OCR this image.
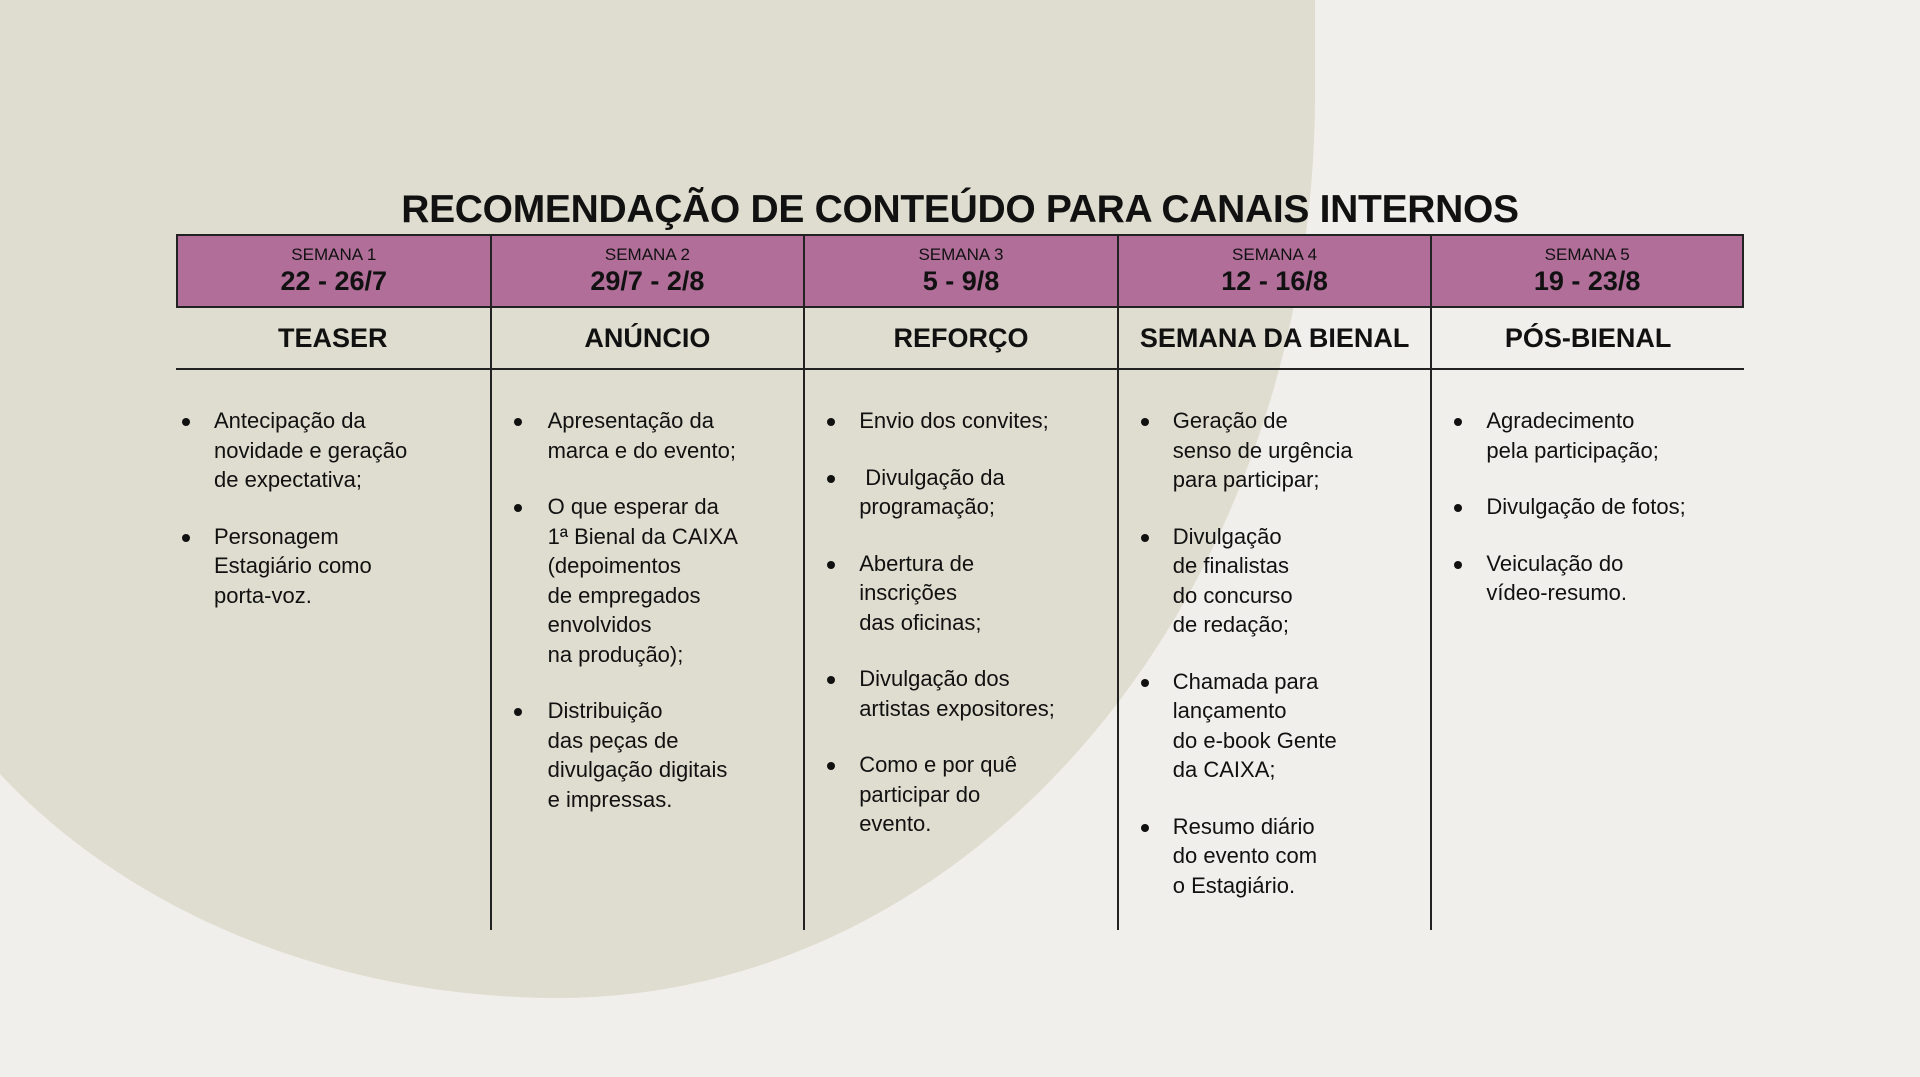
RECOMENDAÇÃO DE CONTEÚDO PARA CANAIS INTERNOS
SEMANA 1
22 - 26/7
TEASER
Antecipação da
novidade e geração
de expectativa;
Personagem
Estagiário como
porta-voz.
SEMANA 2
29/7 - 2/8
ANÚNCIO
Apresentação da
marca e do evento;
O que esperar da
1ª Bienal da CAIXA
(depoimentos
de empregados
envolvidos
na produção);
Distribuição
das peças de
divulgação digitais
e impressas.
SEMANA 3
5 - 9/8
REFORÇO
Envio dos convites;
Divulgação da
programação;
Abertura de
inscrições
das oficinas;
Divulgação dos
artistas expositores;
Como e por quê
participar do
evento.
SEMANA 4
12 - 16/8
SEMANA DA BIENAL
Geração de
senso de urgência
para participar;
Divulgação
de finalistas
do concurso
de redação;
Chamada para
lançamento
do e-book Gente
da CAIXA;
Resumo diário
do evento com
o Estagiário.
SEMANA 5
19 - 23/8
PÓS-BIENAL
Agradecimento
pela participação;
Divulgação de fotos;
Veiculação do
vídeo-resumo.
